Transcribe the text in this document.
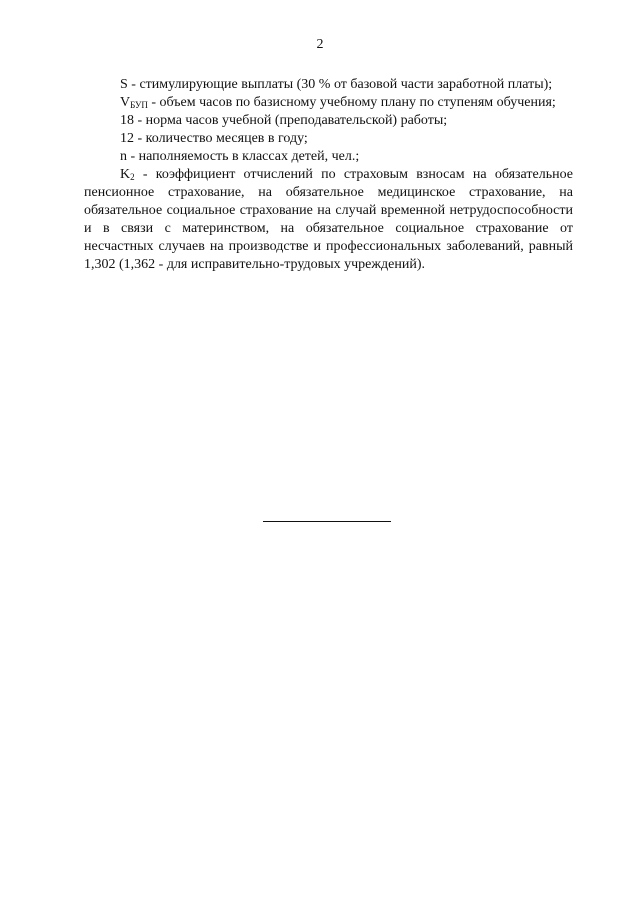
2

S - стимулирующие выплаты (30 % от базовой части заработной платы);

$V_{БУП}$ - объем часов по базисному учебному плану по ступеням обучения;

18 - норма часов учебной (преподавательской) работы;

12 - количество месяцев в году;

n - наполняемость в классах детей, чел.;

$K_2$ - коэффициент отчислений по страховым взносам на обязательное пенсионное страхование, на обязательное медицинское страхование, на обязательное социальное страхование на случай временной нетрудоспособности и в связи с материнством, на обязательное социальное страхование от несчастных случаев на производстве и профессиональных заболеваний, равный 1,302 (1,362 - для исправительно-трудовых учреждений).
